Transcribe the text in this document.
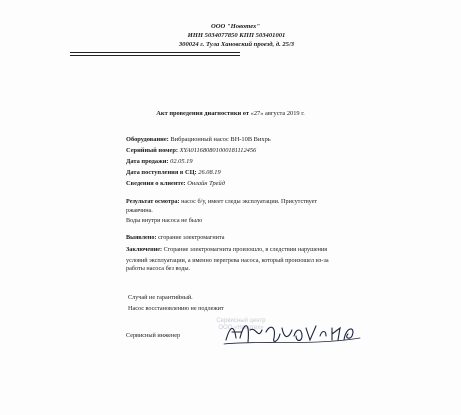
ООО "Новотех"
ИНН 5034077850 КПП 503401001
300024 г. Тула Хановский проезд, д. 25/3
Акт проведения диагностики от «27» августа 2019 г.
Оборудование: Вибрационный насос ВН-10В Вихрь
Серийный номер: XYA011680801000181112456
Дата продажи: 02.05.19
Дата поступления в СЦ: 26.08.19
Сведения о клиенте: Онлайн Трейд
Результат осмотра: насос б/у, имеет следы эксплуатации. Присутствует
ржавчина.
Воды внутри насоса не было
Выявлено: сгорание электромагнита
Заключение: Сгорание электромагнита произошло, в следствии нарушения
условий эксплуатации, а именно перегрева насоса, который произошел из-за
работы насоса без воды.
Случай не гарантийный.
Насос восстановлению не подлежит
Сервисный инженер
Сервисный центр
ООО «Новотех»
